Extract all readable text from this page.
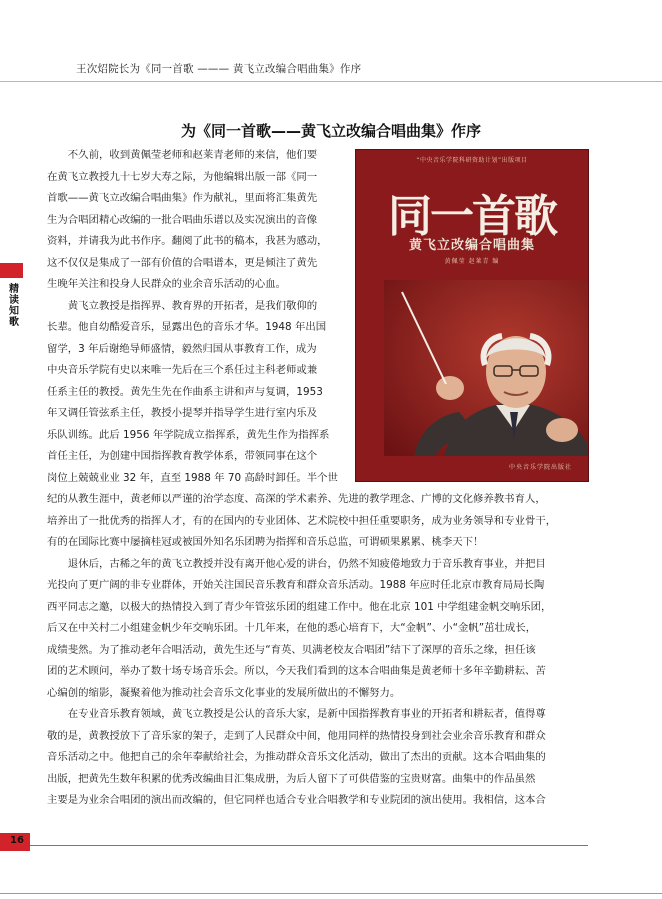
王次炤院长为《同一首歌 ——— 黄飞立改编合唱曲集》作序
为《同一首歌——黄飞立改编合唱曲集》作序
精
读
知
歌
“中央音乐学院科研资助计划”出版项目
同一首歌
黄飞立改编合唱曲集
黄佩莹 赵莱青 编
中央音乐学院出版社

不久前，收到黄佩莹老师和赵莱青老师的来信，他们要

在黄飞立教授九十七岁大寿之际，为他编辑出版一部《同一

首歌——黄飞立改编合唱曲集》作为献礼，里面将汇集黄先

生为合唱团精心改编的一批合唱曲乐谱以及实况演出的音像

资料，并请我为此书作序。翻阅了此书的稿本，我甚为感动，

这不仅仅是集成了一部有价值的合唱谱本，更是倾注了黄先

生晚年关注和投身人民群众的业余音乐活动的心血。

黄飞立教授是指挥界、教育界的开拓者，是我们敬仰的

长辈。他自幼酷爱音乐，显露出色的音乐才华。1948 年出国

留学，3 年后谢绝导师盛情，毅然归国从事教育工作，成为

中央音乐学院有史以来唯一先后在三个系任过主科老师或兼

任系主任的教授。黄先生先在作曲系主讲和声与复调，1953

年又调任管弦系主任，教授小提琴并指导学生进行室内乐及

乐队训练。此后 1956 年学院成立指挥系，黄先生作为指挥系

首任主任，为创建中国指挥教育教学体系，带领同事在这个

岗位上兢兢业业 32 年，直至 1988 年 70 高龄时卸任。半个世

纪的从教生涯中，黄老师以严谨的治学态度、高深的学术素养、先进的教学理念、广博的文化修养教书育人，

培养出了一批优秀的指挥人才，有的在国内的专业团体、艺术院校中担任重要职务，成为业务领导和专业骨干，

有的在国际比赛中屡摘桂冠或被国外知名乐团聘为指挥和音乐总监，可谓硕果累累、桃李天下！

退休后，古稀之年的黄飞立教授并没有离开他心爱的讲台，仍然不知疲倦地致力于音乐教育事业，并把目

光投向了更广阔的非专业群体，开始关注国民音乐教育和群众音乐活动。1988 年应时任北京市教育局局长陶

西平同志之邀，以极大的热情投入到了青少年管弦乐团的组建工作中。他在北京 101 中学组建金帆交响乐团，

后又在中关村二小组建金帆少年交响乐团。十几年来，在他的悉心培育下，大“金帆”、小“金帆”茁壮成长，

成绩斐然。为了推动老年合唱活动，黄先生还与“育英、贝满老校友合唱团”结下了深厚的音乐之缘，担任该

团的艺术顾问，举办了数十场专场音乐会。所以，今天我们看到的这本合唱曲集是黄老师十多年辛勤耕耘、苦

心编创的缩影，凝聚着他为推动社会音乐文化事业的发展所做出的不懈努力。

在专业音乐教育领域，黄飞立教授是公认的音乐大家，是新中国指挥教育事业的开拓者和耕耘者，值得尊

敬的是，黄教授放下了音乐家的架子，走到了人民群众中间，他用同样的热情投身到社会业余音乐教育和群众

音乐活动之中。他把自己的余年奉献给社会，为推动群众音乐文化活动，做出了杰出的贡献。这本合唱曲集的

出版，把黄先生数年积累的优秀改编曲目汇集成册，为后人留下了可供借鉴的宝贵财富。曲集中的作品虽然

主要是为业余合唱团的演出而改编的，但它同样也适合专业合唱教学和专业院团的演出使用。我相信，这本合

16
